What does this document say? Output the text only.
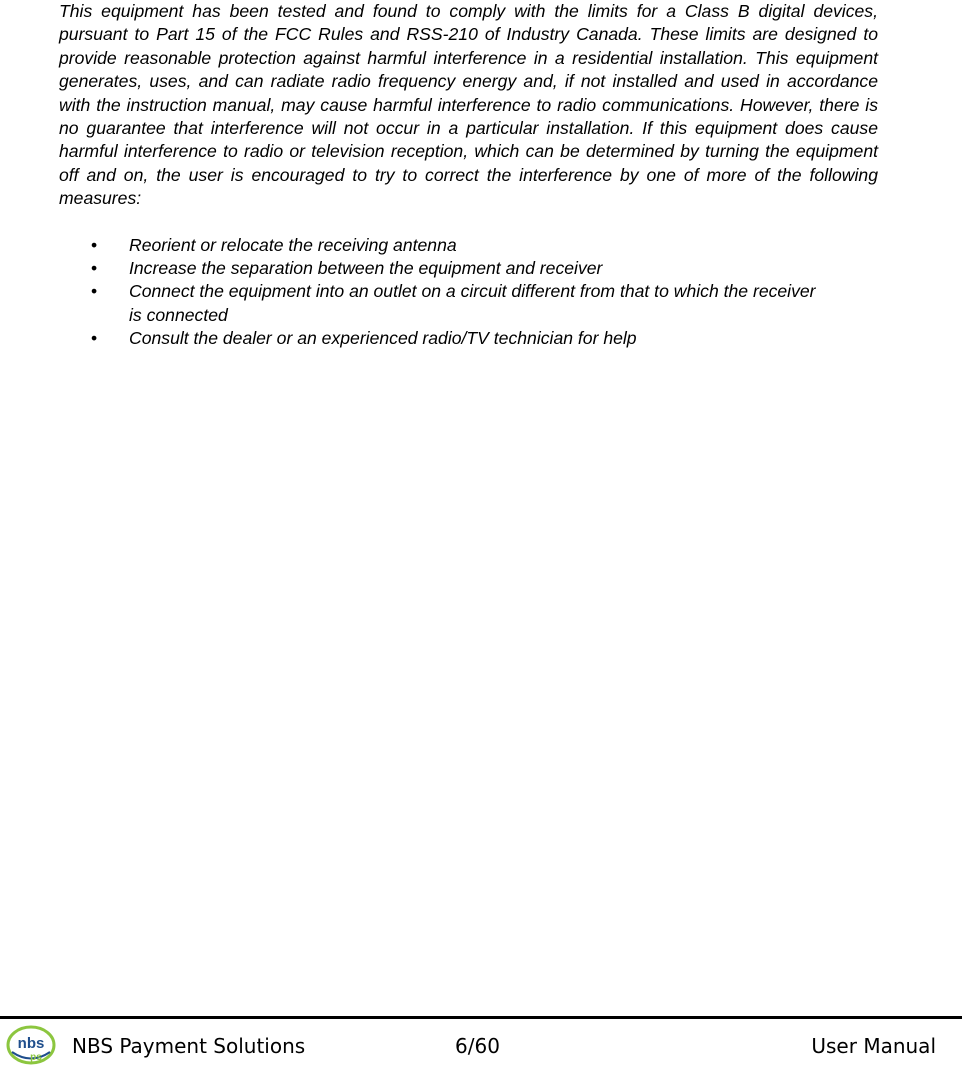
This equipment has been tested and found to comply with the limits for a Class B digital devices, pursuant to Part 15 of the FCC Rules and RSS-210 of Industry Canada. These limits are designed to provide reasonable protection against harmful interference in a residential installation. This equipment generates, uses, and can radiate radio frequency energy and, if not installed and used in accordance with the instruction manual, may cause harmful interference to radio communications. However, there is no guarantee that interference will not occur in a particular installation. If this equipment does cause harmful interference to radio or television reception, which can be determined by turning the equipment off and on, the user is encouraged to try to correct the interference by one of more of the following measures:

• Reorient or relocate the receiving antenna
• Increase the separation between the equipment and receiver
• Connect the equipment into an outlet on a circuit different from that to which the receiver is connected
• Consult the dealer or an experienced radio/TV technician for help
nbs
ps NBS Payment Solutions	6/60	User Manual
